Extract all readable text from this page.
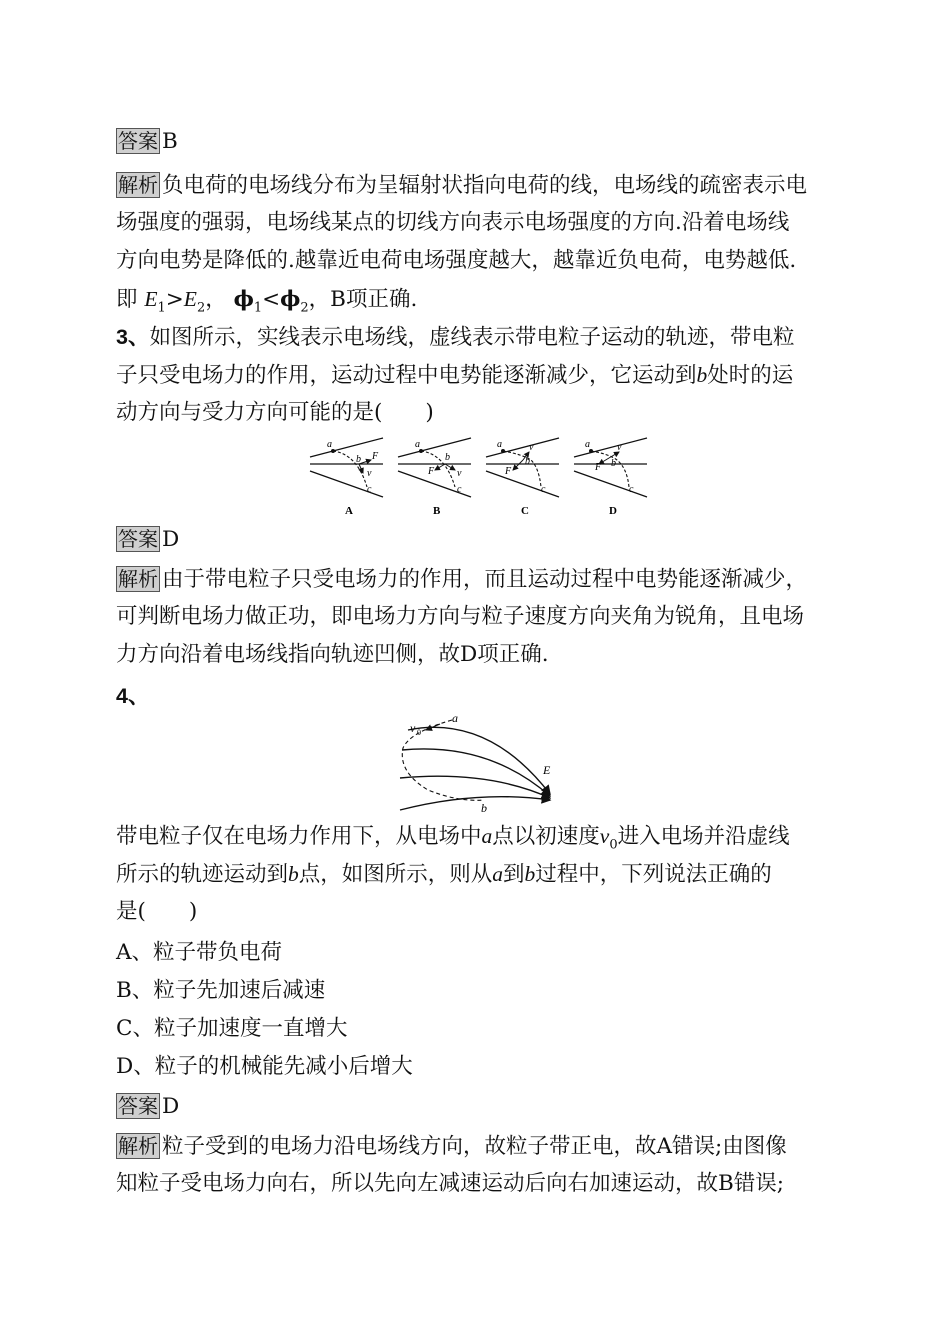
答案 B
解析 负电荷的电场线分布为呈辐射状指向电荷的线，电场线的疏密表示电
场强度的强弱，电场线某点的切线方向表示电场强度的方向.沿着电场线
方向电势是降低的.越靠近电荷电场强度越大，越靠近负电荷，电势越低.
即 $E_1>E_2$， $\phi_1<\phi_2$，B项正确.
3、如图所示，实线表示电场线，虚线表示带电粒子运动的轨迹，带电粒
子只受电场力的作用，运动过程中电势能逐渐减少，它运动到b处时的运
动方向与受力方向可能的是(　　)
a
b F
v
c
A
a
b
F v
c
B
a
b
F
v
c
C
a
b
F
v
c
D
答案 D
解析 由于带电粒子只受电场力的作用，而且运动过程中电势能逐渐减少，
可判断电场力做正功，即电场力方向与粒子速度方向夹角为锐角，且电场
力方向沿着电场线指向轨迹凹侧，故D项正确.
4、
v 0
a
E
b
带电粒子仅在电场力作用下，从电场中a点以初速度$v_0$进入电场并沿虚线
所示的轨迹运动到b点，如图所示，则从a到b过程中，下列说法正确的
是(　　)
A、粒子带负电荷
B、粒子先加速后减速
C、粒子加速度一直增大
D、粒子的机械能先减小后增大
答案 D
解析 粒子受到的电场力沿电场线方向，故粒子带正电，故A错误;由图像
知粒子受电场力向右，所以先向左减速运动后向右加速运动，故B错误;
